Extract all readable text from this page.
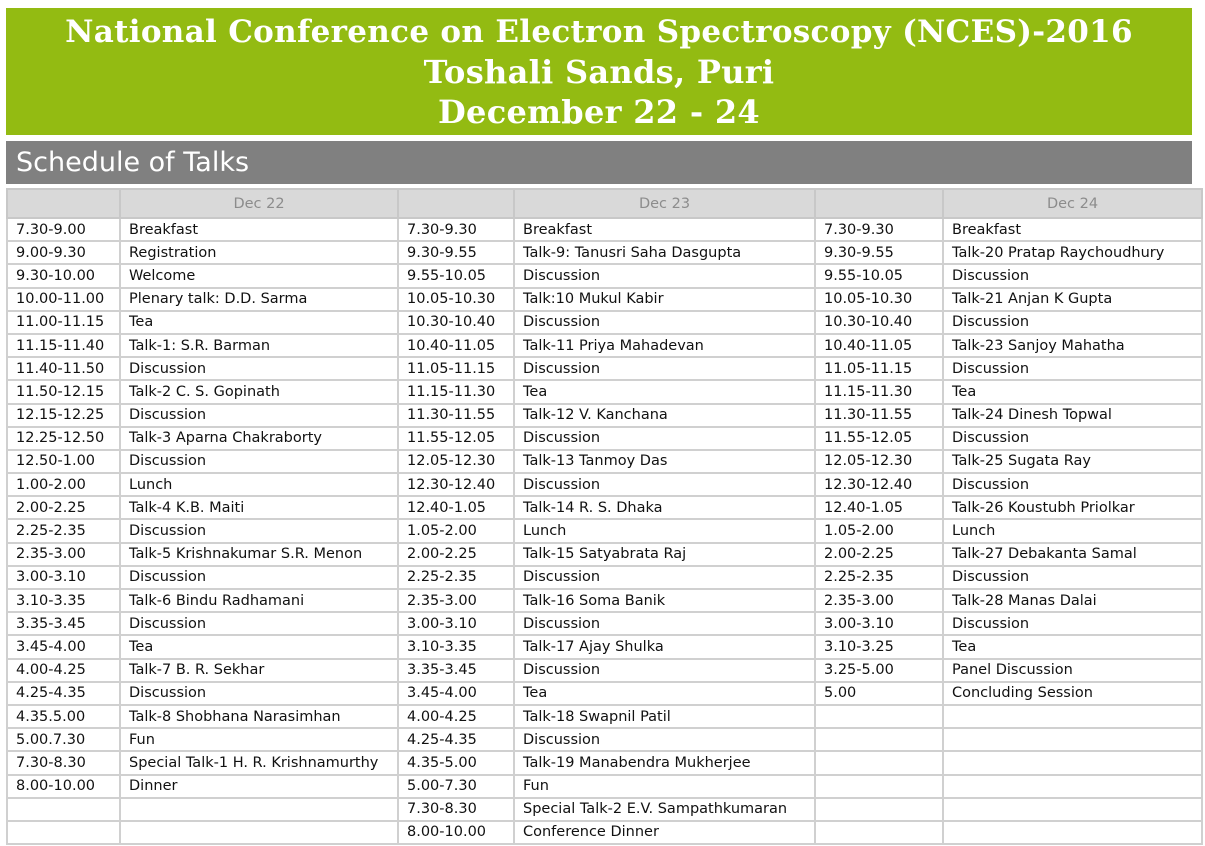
National Conference on Electron Spectroscopy (NCES)-2016
Toshali Sands, Puri
December 22 - 24
Schedule of Talks
	Dec 22		Dec 23		Dec 24
7.30-9.00	Breakfast	7.30-9.30	Breakfast	7.30-9.30	Breakfast
9.00-9.30	Registration	9.30-9.55	Talk-9: Tanusri Saha Dasgupta	9.30-9.55	Talk-20 Pratap Raychoudhury
9.30-10.00	Welcome	9.55-10.05	Discussion	9.55-10.05	Discussion
10.00-11.00	Plenary talk: D.D. Sarma	10.05-10.30	Talk:10 Mukul Kabir	10.05-10.30	Talk-21 Anjan K Gupta
11.00-11.15	Tea	10.30-10.40	Discussion	10.30-10.40	Discussion
11.15-11.40	Talk-1: S.R. Barman	10.40-11.05	Talk-11 Priya Mahadevan	10.40-11.05	Talk-23 Sanjoy Mahatha
11.40-11.50	Discussion	11.05-11.15	Discussion	11.05-11.15	Discussion
11.50-12.15	Talk-2 C. S. Gopinath	11.15-11.30	Tea	11.15-11.30	Tea
12.15-12.25	Discussion	11.30-11.55	Talk-12 V. Kanchana	11.30-11.55	Talk-24 Dinesh Topwal
12.25-12.50	Talk-3 Aparna Chakraborty	11.55-12.05	Discussion	11.55-12.05	Discussion
12.50-1.00	Discussion	12.05-12.30	Talk-13 Tanmoy Das	12.05-12.30	Talk-25 Sugata Ray
1.00-2.00	Lunch	12.30-12.40	Discussion	12.30-12.40	Discussion
2.00-2.25	Talk-4 K.B. Maiti	12.40-1.05	Talk-14 R. S. Dhaka	12.40-1.05	Talk-26 Koustubh Priolkar
2.25-2.35	Discussion	1.05-2.00	Lunch	1.05-2.00	Lunch
2.35-3.00	Talk-5 Krishnakumar S.R. Menon	2.00-2.25	Talk-15 Satyabrata Raj	2.00-2.25	Talk-27 Debakanta Samal
3.00-3.10	Discussion	2.25-2.35	Discussion	2.25-2.35	Discussion
3.10-3.35	Talk-6 Bindu Radhamani	2.35-3.00	Talk-16 Soma Banik	2.35-3.00	Talk-28 Manas Dalai
3.35-3.45	Discussion	3.00-3.10	Discussion	3.00-3.10	Discussion
3.45-4.00	Tea	3.10-3.35	Talk-17 Ajay Shulka	3.10-3.25	Tea
4.00-4.25	Talk-7 B. R. Sekhar	3.35-3.45	Discussion	3.25-5.00	Panel Discussion
4.25-4.35	Discussion	3.45-4.00	Tea	5.00	Concluding Session
4.35.5.00	Talk-8 Shobhana Narasimhan	4.00-4.25	Talk-18 Swapnil Patil		
5.00.7.30	Fun	4.25-4.35	Discussion		
7.30-8.30	Special Talk-1 H. R. Krishnamurthy	4.35-5.00	Talk-19 Manabendra Mukherjee		
8.00-10.00	Dinner	5.00-7.30	Fun		
		7.30-8.30	Special Talk-2 E.V. Sampathkumaran		
		8.00-10.00	Conference Dinner		
